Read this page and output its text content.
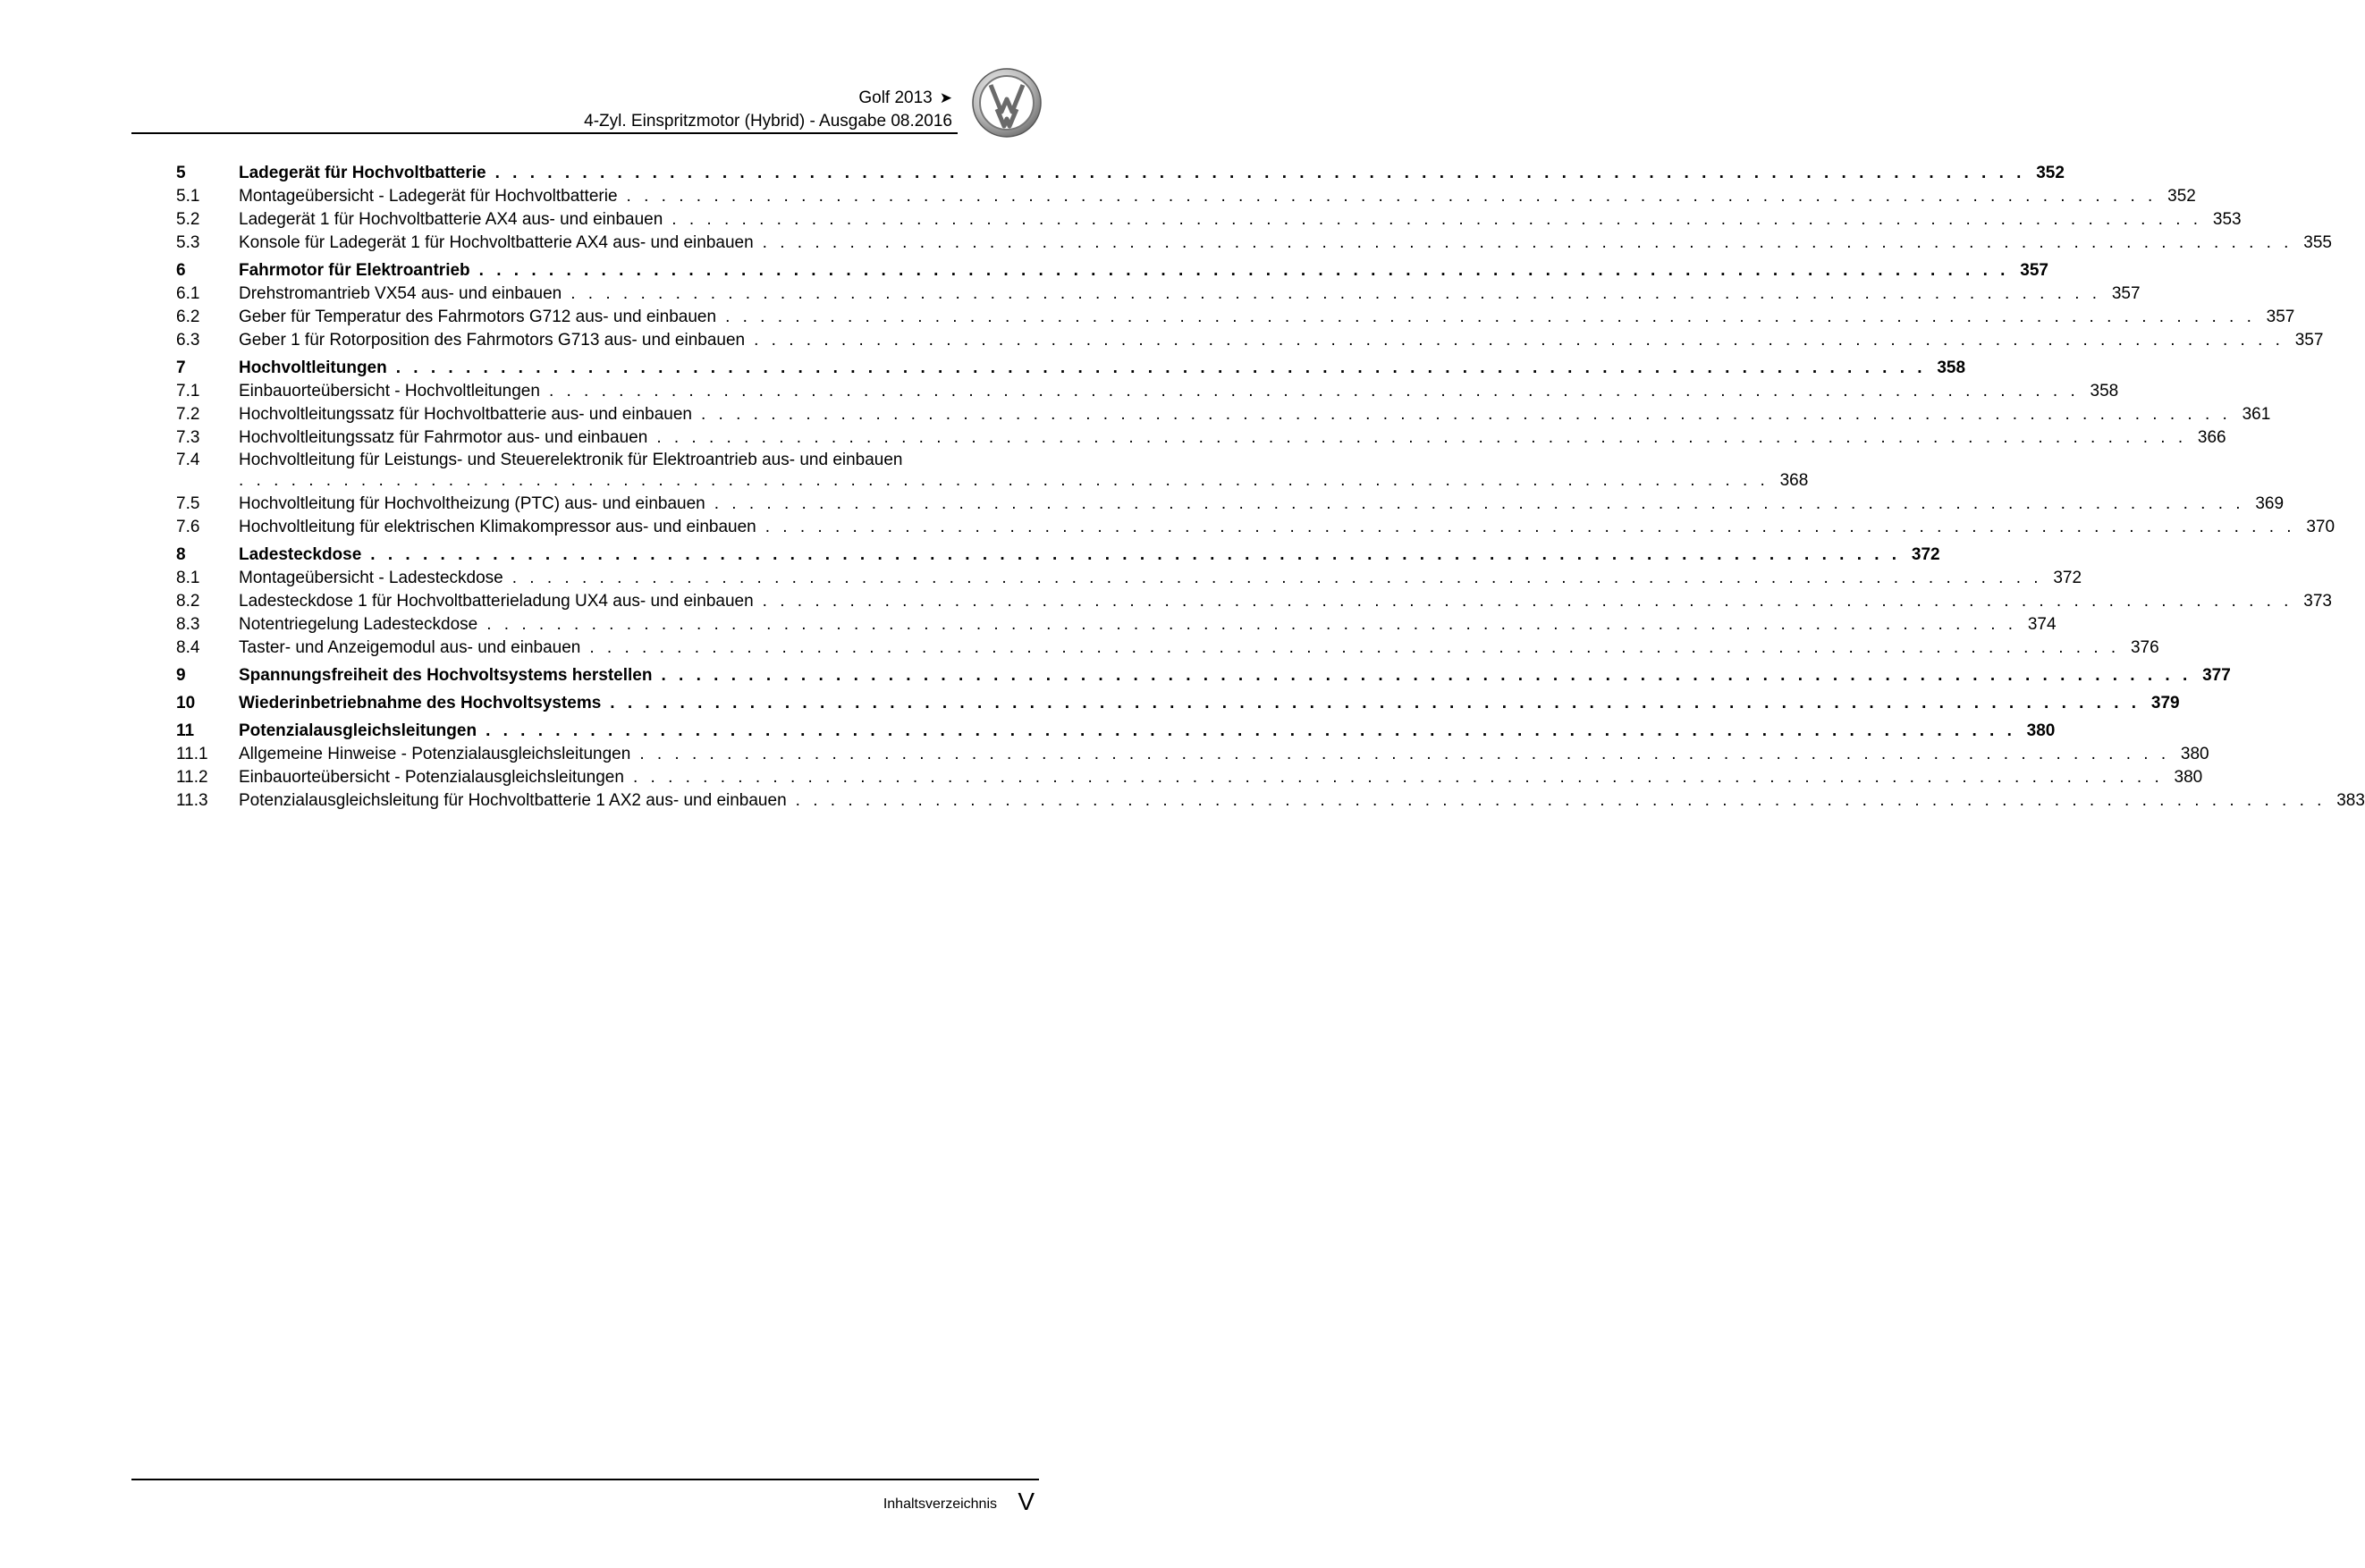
Golf 2013 ➤
4-Zyl. Einspritzmotor (Hybrid) - Ausgabe 08.2016
5	Ladegerät für Hochvoltbatterie . . . . . . . . . . . . . . . . . . . . . . . . . . . . . . . . . . . . . . . . . . . . . . . . . . . . . . . . . . . . . . . . . . . . . . . . . . . . . . . . . . . . . . . . 352
5.1	Montageübersicht - Ladegerät für Hochvoltbatterie . . . . . . . . . . . . . . . . . . . . . . . . . . . . . . . . . . . . . . . . . . . . . . . . . . . . . . . . . . . . . . . . . . . . . . . . . . . . . . . . . . . . . . . . 352
5.2	Ladegerät 1 für Hochvoltbatterie AX4 aus- und einbauen . . . . . . . . . . . . . . . . . . . . . . . . . . . . . . . . . . . . . . . . . . . . . . . . . . . . . . . . . . . . . . . . . . . . . . . . . . . . . . . . . . . . . . . . 353
5.3	Konsole für Ladegerät 1 für Hochvoltbatterie AX4 aus- und einbauen . . . . . . . . . . . . . . . . . . . . . . . . . . . . . . . . . . . . . . . . . . . . . . . . . . . . . . . . . . . . . . . . . . . . . . . . . . . . . . . . . . . . . . . . 355
6	Fahrmotor für Elektroantrieb . . . . . . . . . . . . . . . . . . . . . . . . . . . . . . . . . . . . . . . . . . . . . . . . . . . . . . . . . . . . . . . . . . . . . . . . . . . . . . . . . . . . . . . . 357
6.1	Drehstromantrieb VX54 aus- und einbauen . . . . . . . . . . . . . . . . . . . . . . . . . . . . . . . . . . . . . . . . . . . . . . . . . . . . . . . . . . . . . . . . . . . . . . . . . . . . . . . . . . . . . . . . 357
6.2	Geber für Temperatur des Fahrmotors G712 aus- und einbauen . . . . . . . . . . . . . . . . . . . . . . . . . . . . . . . . . . . . . . . . . . . . . . . . . . . . . . . . . . . . . . . . . . . . . . . . . . . . . . . . . . . . . . . . 357
6.3	Geber 1 für Rotorposition des Fahrmotors G713 aus- und einbauen . . . . . . . . . . . . . . . . . . . . . . . . . . . . . . . . . . . . . . . . . . . . . . . . . . . . . . . . . . . . . . . . . . . . . . . . . . . . . . . . . . . . . . . . 357
7	Hochvoltleitungen . . . . . . . . . . . . . . . . . . . . . . . . . . . . . . . . . . . . . . . . . . . . . . . . . . . . . . . . . . . . . . . . . . . . . . . . . . . . . . . . . . . . . . . . 358
7.1	Einbauorteübersicht - Hochvoltleitungen . . . . . . . . . . . . . . . . . . . . . . . . . . . . . . . . . . . . . . . . . . . . . . . . . . . . . . . . . . . . . . . . . . . . . . . . . . . . . . . . . . . . . . . . 358
7.2	Hochvoltleitungssatz für Hochvoltbatterie aus- und einbauen . . . . . . . . . . . . . . . . . . . . . . . . . . . . . . . . . . . . . . . . . . . . . . . . . . . . . . . . . . . . . . . . . . . . . . . . . . . . . . . . . . . . . . . . 361
7.3	Hochvoltleitungssatz für Fahrmotor aus- und einbauen . . . . . . . . . . . . . . . . . . . . . . . . . . . . . . . . . . . . . . . . . . . . . . . . . . . . . . . . . . . . . . . . . . . . . . . . . . . . . . . . . . . . . . . . 366
7.4	Hochvoltleitung für Leistungs- und Steuerelektronik für Elektroantrieb aus- und einbauen
. . . . . . . . . . . . . . . . . . . . . . . . . . . . . . . . . . . . . . . . . . . . . . . . . . . . . . . . . . . . . . . . . . . . . . . . . . . . . . . . . . . . . . . . 368
7.5	Hochvoltleitung für Hochvoltheizung (PTC) aus- und einbauen . . . . . . . . . . . . . . . . . . . . . . . . . . . . . . . . . . . . . . . . . . . . . . . . . . . . . . . . . . . . . . . . . . . . . . . . . . . . . . . . . . . . . . . . 369
7.6	Hochvoltleitung für elektrischen Klimakompressor aus- und einbauen . . . . . . . . . . . . . . . . . . . . . . . . . . . . . . . . . . . . . . . . . . . . . . . . . . . . . . . . . . . . . . . . . . . . . . . . . . . . . . . . . . . . . . . . 370
8	Ladesteckdose . . . . . . . . . . . . . . . . . . . . . . . . . . . . . . . . . . . . . . . . . . . . . . . . . . . . . . . . . . . . . . . . . . . . . . . . . . . . . . . . . . . . . . . . 372
8.1	Montageübersicht - Ladesteckdose . . . . . . . . . . . . . . . . . . . . . . . . . . . . . . . . . . . . . . . . . . . . . . . . . . . . . . . . . . . . . . . . . . . . . . . . . . . . . . . . . . . . . . . . 372
8.2	Ladesteckdose 1 für Hochvoltbatterieladung UX4 aus- und einbauen . . . . . . . . . . . . . . . . . . . . . . . . . . . . . . . . . . . . . . . . . . . . . . . . . . . . . . . . . . . . . . . . . . . . . . . . . . . . . . . . . . . . . . . . 373
8.3	Notentriegelung Ladesteckdose . . . . . . . . . . . . . . . . . . . . . . . . . . . . . . . . . . . . . . . . . . . . . . . . . . . . . . . . . . . . . . . . . . . . . . . . . . . . . . . . . . . . . . . . 374
8.4	Taster- und Anzeigemodul aus- und einbauen . . . . . . . . . . . . . . . . . . . . . . . . . . . . . . . . . . . . . . . . . . . . . . . . . . . . . . . . . . . . . . . . . . . . . . . . . . . . . . . . . . . . . . . . 376
9	Spannungsfreiheit des Hochvoltsystems herstellen . . . . . . . . . . . . . . . . . . . . . . . . . . . . . . . . . . . . . . . . . . . . . . . . . . . . . . . . . . . . . . . . . . . . . . . . . . . . . . . . . . . . . . . . 377
10	Wiederinbetriebnahme des Hochvoltsystems . . . . . . . . . . . . . . . . . . . . . . . . . . . . . . . . . . . . . . . . . . . . . . . . . . . . . . . . . . . . . . . . . . . . . . . . . . . . . . . . . . . . . . . . 379
11	Potenzialausgleichsleitungen . . . . . . . . . . . . . . . . . . . . . . . . . . . . . . . . . . . . . . . . . . . . . . . . . . . . . . . . . . . . . . . . . . . . . . . . . . . . . . . . . . . . . . . . 380
11.1	Allgemeine Hinweise - Potenzialausgleichsleitungen . . . . . . . . . . . . . . . . . . . . . . . . . . . . . . . . . . . . . . . . . . . . . . . . . . . . . . . . . . . . . . . . . . . . . . . . . . . . . . . . . . . . . . . . 380
11.2	Einbauorteübersicht - Potenzialausgleichsleitungen . . . . . . . . . . . . . . . . . . . . . . . . . . . . . . . . . . . . . . . . . . . . . . . . . . . . . . . . . . . . . . . . . . . . . . . . . . . . . . . . . . . . . . . . 380
11.3	Potenzialausgleichsleitung für Hochvoltbatterie 1 AX2 aus- und einbauen . . . . . . . . . . . . . . . . . . . . . . . . . . . . . . . . . . . . . . . . . . . . . . . . . . . . . . . . . . . . . . . . . . . . . . . . . . . . . . . . . . . . . . . . 383
Inhaltsverzeichnis V
